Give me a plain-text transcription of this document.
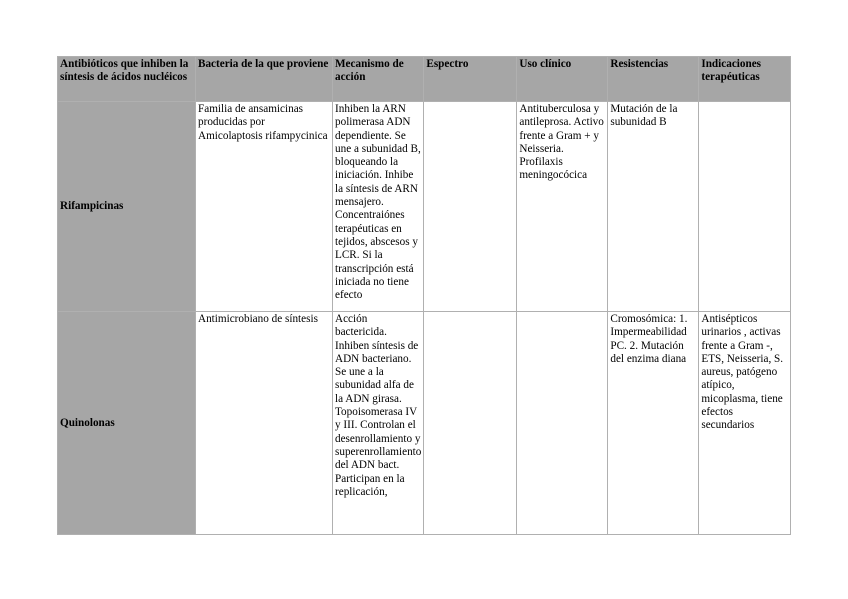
Antibióticos que inhiben la síntesis de ácidos nucléicos	Bacteria de la que proviene	Mecanismo de acción	Espectro	Uso clínico	Resistencias	Indicaciones terapéuticas
Rifampicinas	Familia de ansamicinas producidas por Amicolaptosis rifampycinica	Inhiben la ARN polimerasa ADN dependiente. Se une a subunidad B, bloqueando la iniciación. Inhibe la síntesis de ARN mensajero. Concentraiónes terapéuticas en tejidos, abscesos y LCR. Si la transcripción está iniciada no tiene efecto		Antituberculosa y antileprosa. Activo frente a Gram + y Neisseria. Profilaxis meningocócica	Mutación de la subunidad B	
Quinolonas	Antimicrobiano de síntesis	Acción bactericida. Inhiben síntesis de ADN bacteriano. Se une a la subunidad alfa de la ADN girasa. Topoisomerasa IV y III. Controlan el desenrollamiento y superenrollamiento del ADN bact. Participan en la replicación,			Cromosómica: 1. Impermeabilidad PC. 2. Mutación del enzima diana	Antisépticos urinarios , activas frente a Gram -, ETS, Neisseria, S. aureus, patógeno atípico, micoplasma, tiene efectos secundarios
